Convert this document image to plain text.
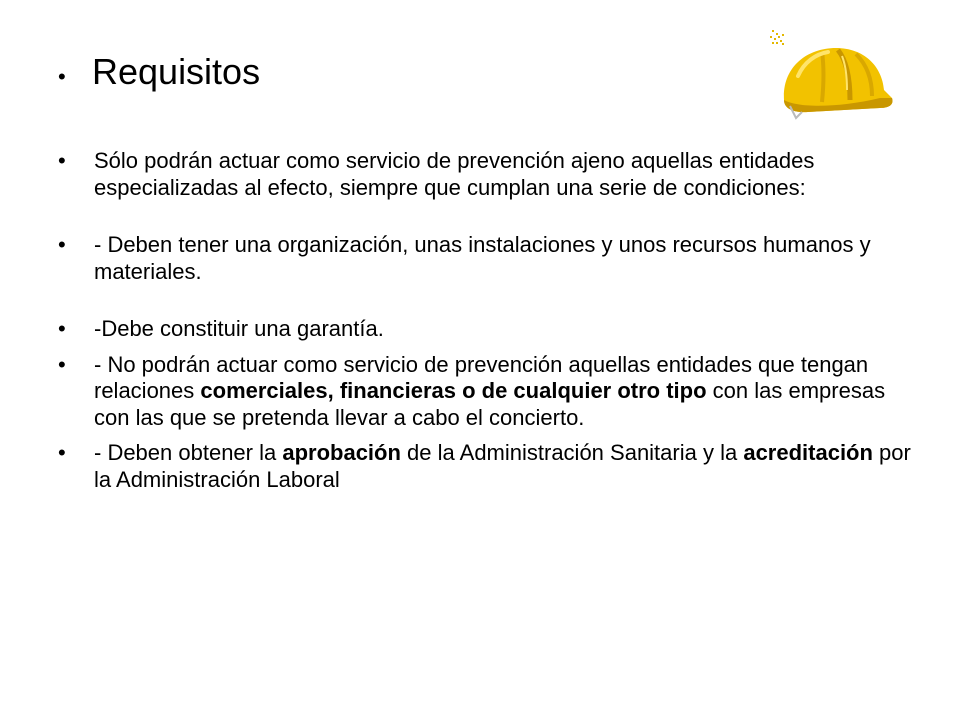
• Requisitos
•	Sólo podrán actuar como servicio de prevención ajeno aquellas entidades especializadas al efecto, siempre que cumplan una serie de condiciones:
•	- Deben tener una organización, unas instalaciones y unos recursos humanos y materiales.
•	-Debe constituir una garantía.
•	- No podrán actuar como servicio de prevención aquellas entidades que tengan relaciones comerciales, financieras o de cualquier otro tipo con las empresas con las que se pretenda llevar a cabo el concierto.
•	- Deben obtener la aprobación de la Administración Sanitaria y la acreditación por la Administración Laboral
